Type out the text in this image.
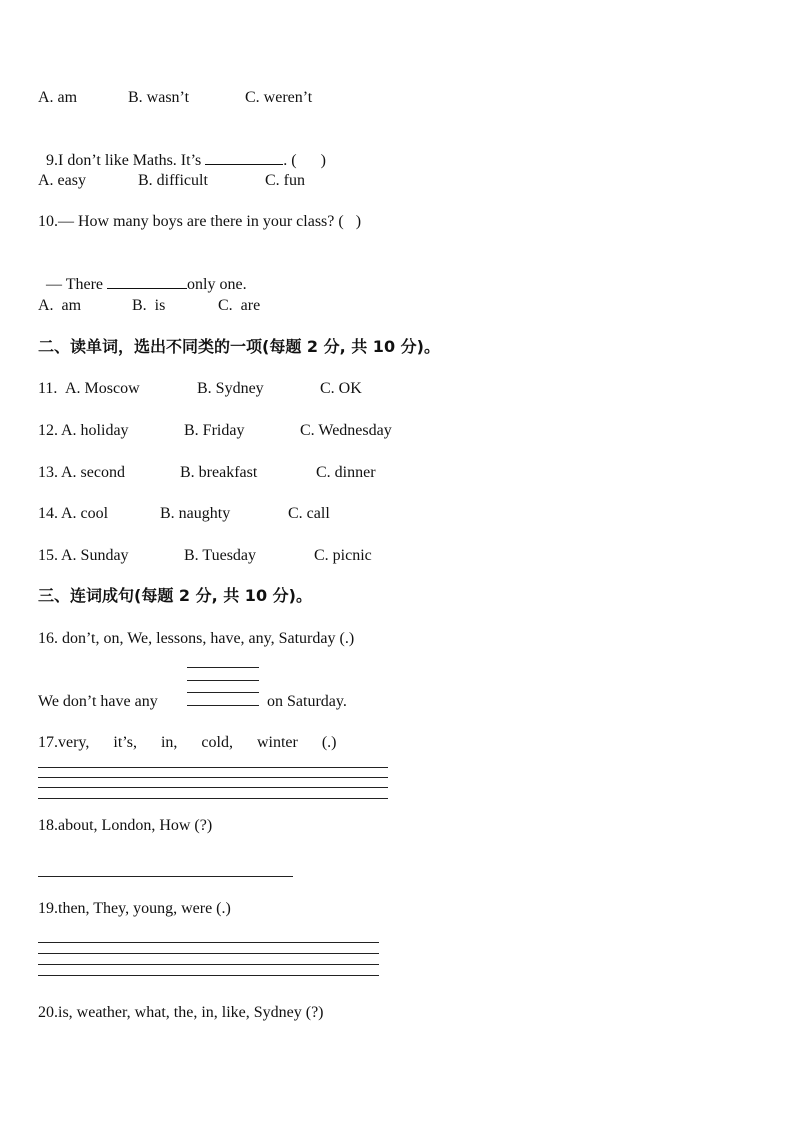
A. am	B. wasn’t	C. weren’t

9.I don’t like Maths. It’s	. (      )

A. easy	B. difficult	C. fun
10.— How many boys are there in your class? (   )

— There	only one.

A.  am	B.  is	C.  are
二、读单词，选出不同类的一项(每题 2 分, 共 10 分)。
11. A. Moscow	B. Sydney	C. OK
12. A. holiday	B. Friday	C. Wednesday
13. A. second	B. breakfast	C. dinner
14. A. cool	B. naughty	C. call
15. A. Sunday	B. Tuesday	C. picnic
三、连词成句(每题 2 分, 共 10 分)。
16. don’t, on, We, lessons, have, any, Saturday (.)
We don’t have any	on Saturday.
17.very,      it’s,      in,      cold,      winter      (.)
18.about, London, How (?)
19.then, They, young, were (.)
20.is, weather, what, the, in, like, Sydney (?)
